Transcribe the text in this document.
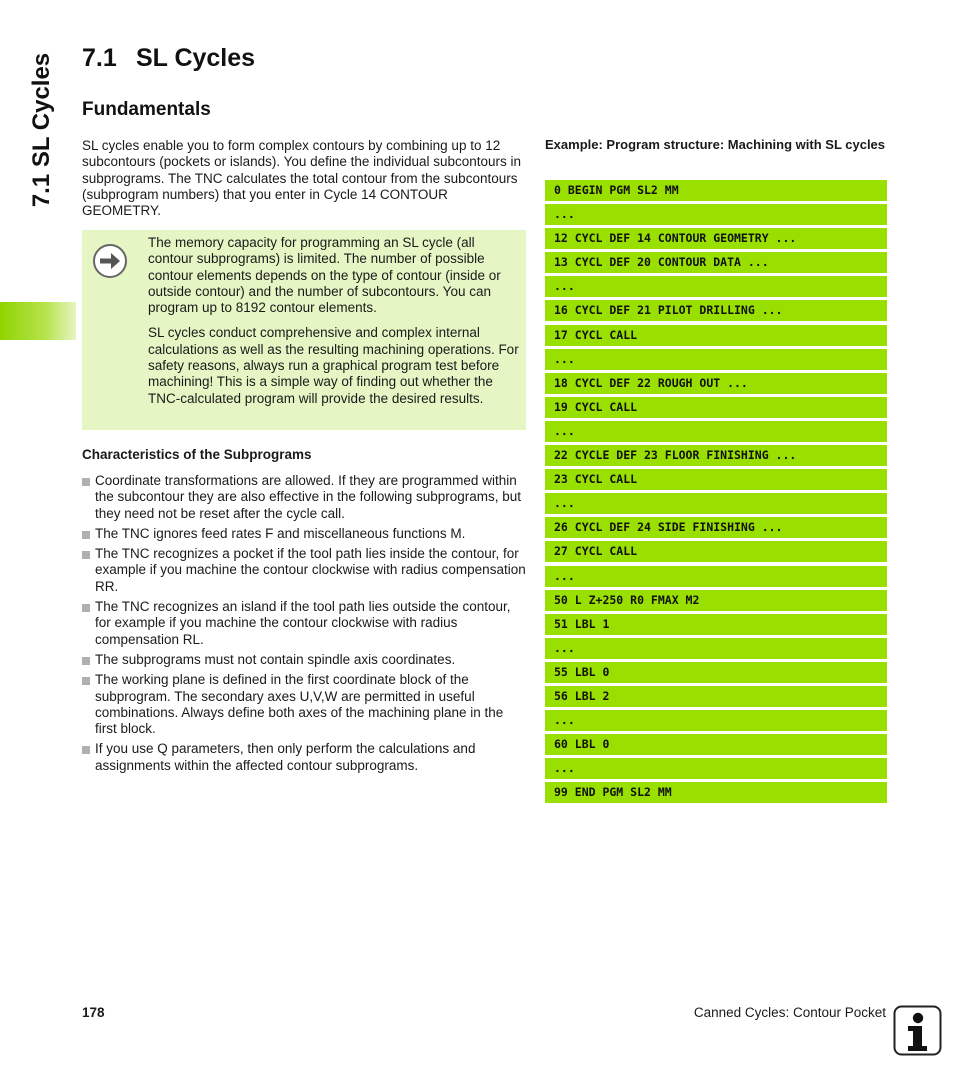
7.1 SL Cycles 7.1 SL Cycles
Fundamentals

SL cycles enable you to form complex contours by combining up to 12 subcontours (pockets or islands). You define the individual subcontours in subprograms. The TNC calculates the total contour from the subcontours (subprogram numbers) that you enter in Cycle 14 CONTOUR GEOMETRY.

The memory capacity for programming an SL cycle (all contour subprograms) is limited. The number of possible contour elements depends on the type of contour (inside or outside contour) and the number of subcontours. You can program up to 8192 contour elements.

SL cycles conduct comprehensive and complex internal calculations as well as the resulting machining operations. For safety reasons, always run a graphical program test before machining! This is a simple way of finding out whether the TNC-calculated program will provide the desired results.

Characteristics of the Subprograms
Coordinate transformations are allowed. If they are programmed within the subcontour they are also effective in the following subprograms, but they need not be reset after the cycle call.
The TNC ignores feed rates F and miscellaneous functions M.
The TNC recognizes a pocket if the tool path lies inside the contour, for example if you machine the contour clockwise with radius compensation RR.
The TNC recognizes an island if the tool path lies outside the contour, for example if you machine the contour clockwise with radius compensation RL.
The subprograms must not contain spindle axis coordinates.
The working plane is defined in the first coordinate block of the subprogram. The secondary axes U,V,W are permitted in useful combinations. Always define both axes of the machining plane in the first block.
If you use Q parameters, then only perform the calculations and assignments within the affected contour subprograms.
Example: Program structure: Machining with SL cycles
0 BEGIN PGM SL2 MM
...
12 CYCL DEF 14 CONTOUR GEOMETRY ...
13 CYCL DEF 20 CONTOUR DATA ...
...
16 CYCL DEF 21 PILOT DRILLING ...
17 CYCL CALL
...
18 CYCL DEF 22 ROUGH OUT ...
19 CYCL CALL
...
22 CYCLE DEF 23 FLOOR FINISHING ...
23 CYCL CALL
...
26 CYCL DEF 24 SIDE FINISHING ...
27 CYCL CALL
...
50 L Z+250 R0 FMAX M2
51 LBL 1
...
55 LBL 0
56 LBL 2
...
60 LBL 0
...
99 END PGM SL2 MM
178	Canned Cycles: Contour Pocket
